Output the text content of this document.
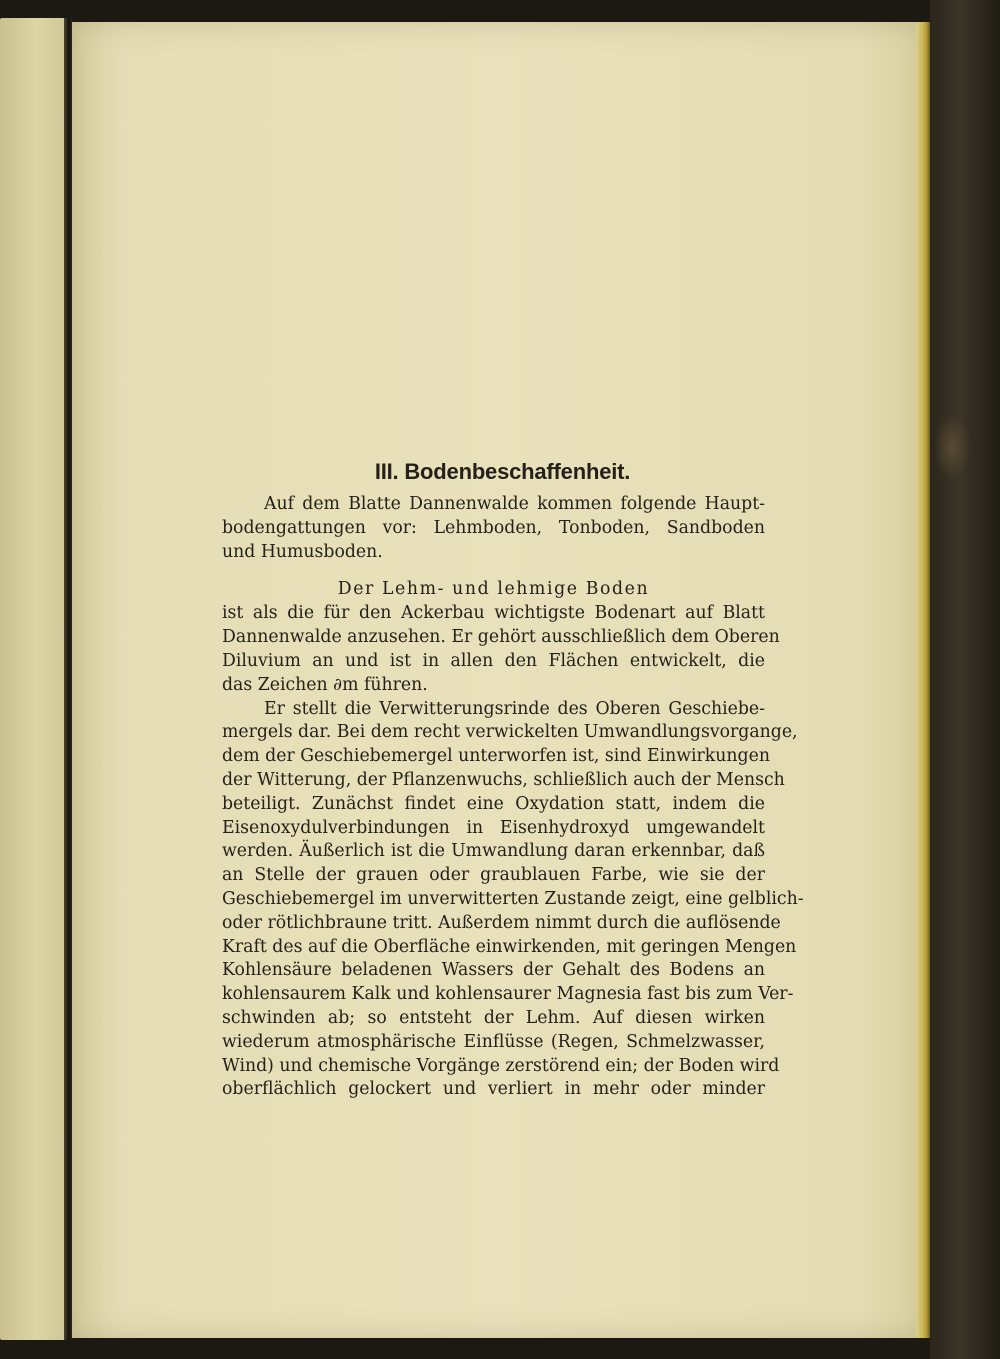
III. Bodenbeschaffenheit.
Auf dem Blatte Dannenwalde kommen folgende Haupt-
bodengattungen vor: Lehmboden, Tonboden, Sandboden
und Humusboden.
Der Lehm- und lehmige Boden
ist als die für den Ackerbau wichtigste Bodenart auf Blatt
Dannenwalde anzusehen. Er gehört ausschließlich dem Oberen
Diluvium an und ist in allen den Flächen entwickelt, die
das Zeichen ∂m führen.
Er stellt die Verwitterungsrinde des Oberen Geschiebe-
mergels dar. Bei dem recht verwickelten Umwandlungsvorgange,
dem der Geschiebemergel unterworfen ist, sind Einwirkungen
der Witterung, der Pflanzenwuchs, schließlich auch der Mensch
beteiligt. Zunächst findet eine Oxydation statt, indem die
Eisenoxydulverbindungen in Eisenhydroxyd umgewandelt
werden. Äußerlich ist die Umwandlung daran erkennbar, daß
an Stelle der grauen oder graublauen Farbe, wie sie der
Geschiebemergel im unverwitterten Zustande zeigt, eine gelblich-
oder rötlichbraune tritt. Außerdem nimmt durch die auflösende
Kraft des auf die Oberfläche einwirkenden, mit geringen Mengen
Kohlensäure beladenen Wassers der Gehalt des Bodens an
kohlensaurem Kalk und kohlensaurer Magnesia fast bis zum Ver-
schwinden ab; so entsteht der Lehm. Auf diesen wirken
wiederum atmosphärische Einflüsse (Regen, Schmelzwasser,
Wind) und chemische Vorgänge zerstörend ein; der Boden wird
oberflächlich gelockert und verliert in mehr oder minder
